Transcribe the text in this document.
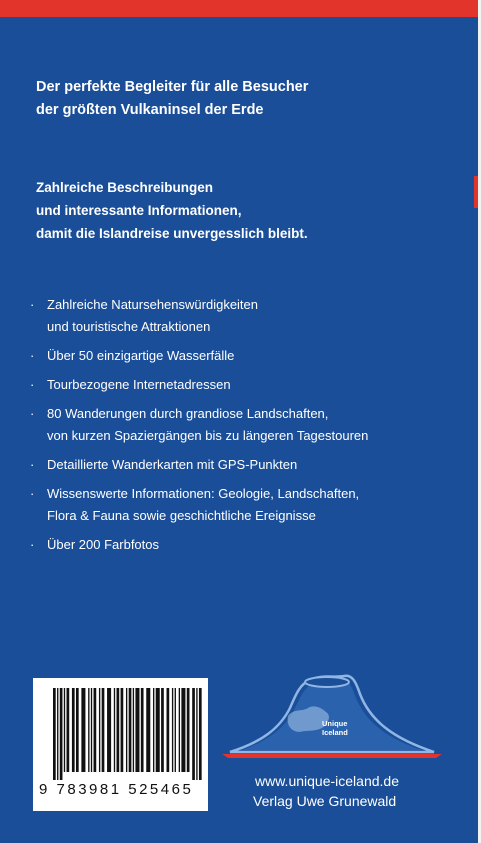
Der perfekte Begleiter für alle Besucher
der größten Vulkaninsel der Erde
Zahlreiche Beschreibungen
und interessante Informationen,
damit die Islandreise unvergesslich bleibt.
· Zahlreiche Natursehenswürdigkeiten
und touristische Attraktionen
· Über 50 einzigartige Wasserfälle
· Tourbezogene Internetadressen
· 80 Wanderungen durch grandiose Landschaften,
von kurzen Spaziergängen bis zu längeren Tagestouren
· Detaillierte Wanderkarten mit GPS-Punkten
· Wissenswerte Informationen: Geologie, Landschaften,
Flora & Fauna sowie geschichtliche Ereignisse
· Über 200 Farbfotos
9 783981 525465
Unique
Iceland
www.unique-iceland.de
Verlag Uwe Grunewald
